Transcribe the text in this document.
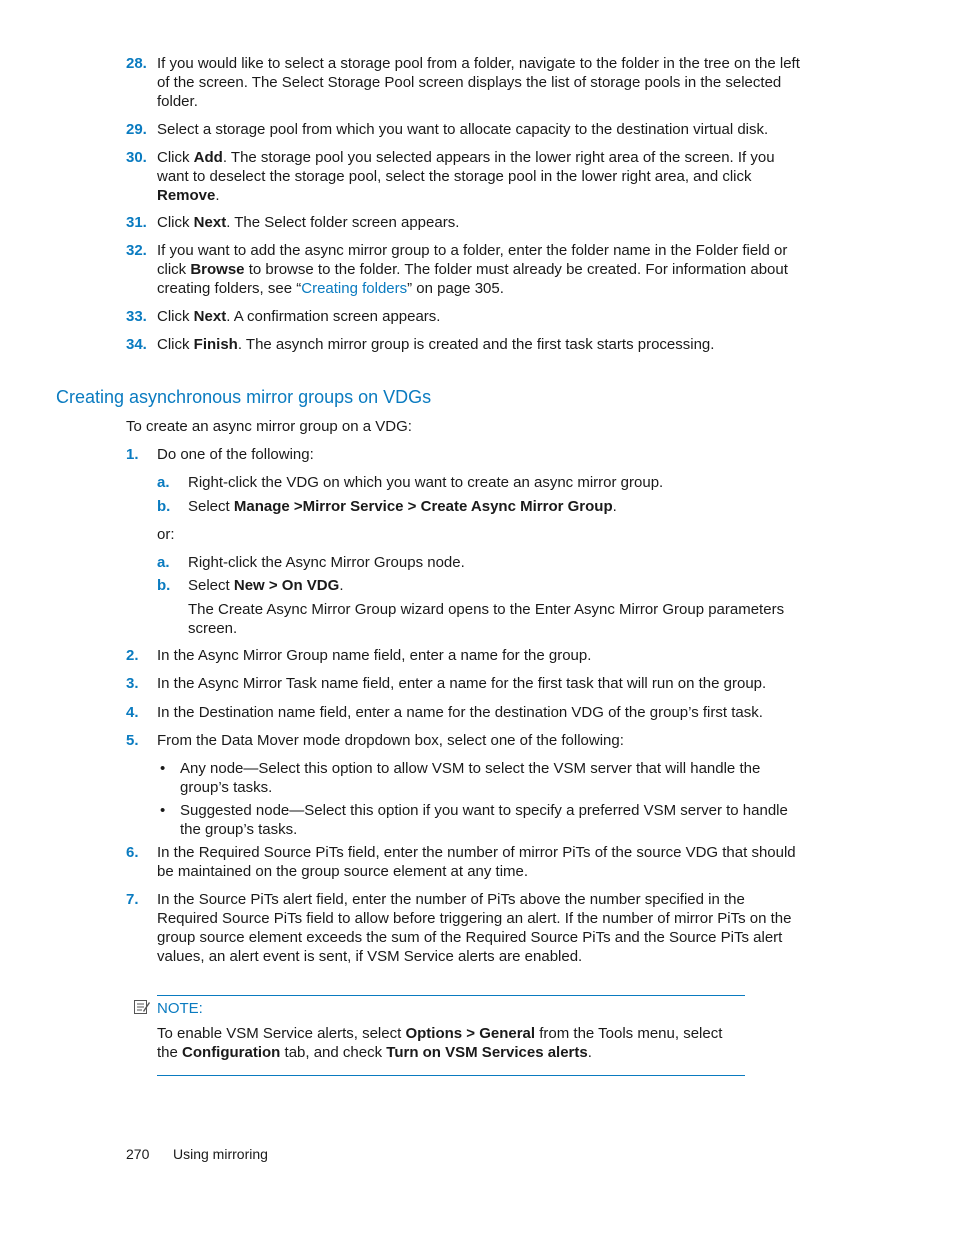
28. If you would like to select a storage pool from a folder, navigate to the folder in the tree on the left of the screen. The Select Storage Pool screen displays the list of storage pools in the selected folder.
29. Select a storage pool from which you want to allocate capacity to the destination virtual disk.
30. Click Add. The storage pool you selected appears in the lower right area of the screen. If you want to deselect the storage pool, select the storage pool in the lower right area, and click Remove.
31. Click Next. The Select folder screen appears.
32. If you want to add the async mirror group to a folder, enter the folder name in the Folder field or click Browse to browse to the folder. The folder must already be created. For information about creating folders, see “Creating folders” on page 305.
33. Click Next. A confirmation screen appears.
34. Click Finish. The asynch mirror group is created and the first task starts processing.
Creating asynchronous mirror groups on VDGs
To create an async mirror group on a VDG:
1. Do one of the following:
a. Right-click the VDG on which you want to create an async mirror group.
b. Select Manage >Mirror Service > Create Async Mirror Group.
or:
a. Right-click the Async Mirror Groups node.
b. Select New > On VDG.
The Create Async Mirror Group wizard opens to the Enter Async Mirror Group parameters screen.
2. In the Async Mirror Group name field, enter a name for the group.
3. In the Async Mirror Task name field, enter a name for the first task that will run on the group.
4. In the Destination name field, enter a name for the destination VDG of the group’s first task.
5. From the Data Mover mode dropdown box, select one of the following:
• Any node—Select this option to allow VSM to select the VSM server that will handle the group’s tasks.
• Suggested node—Select this option if you want to specify a preferred VSM server to handle the group’s tasks.
6. In the Required Source PiTs field, enter the number of mirror PiTs of the source VDG that should be maintained on the group source element at any time.
7. In the Source PiTs alert field, enter the number of PiTs above the number specified in the Required Source PiTs field to allow before triggering an alert. If the number of mirror PiTs on the group source element exceeds the sum of the Required Source PiTs and the Source PiTs alert values, an alert event is sent, if VSM Service alerts are enabled.
NOTE:
To enable VSM Service alerts, select Options > General from the Tools menu, select the Configuration tab, and check Turn on VSM Services alerts.
270 Using mirroring
